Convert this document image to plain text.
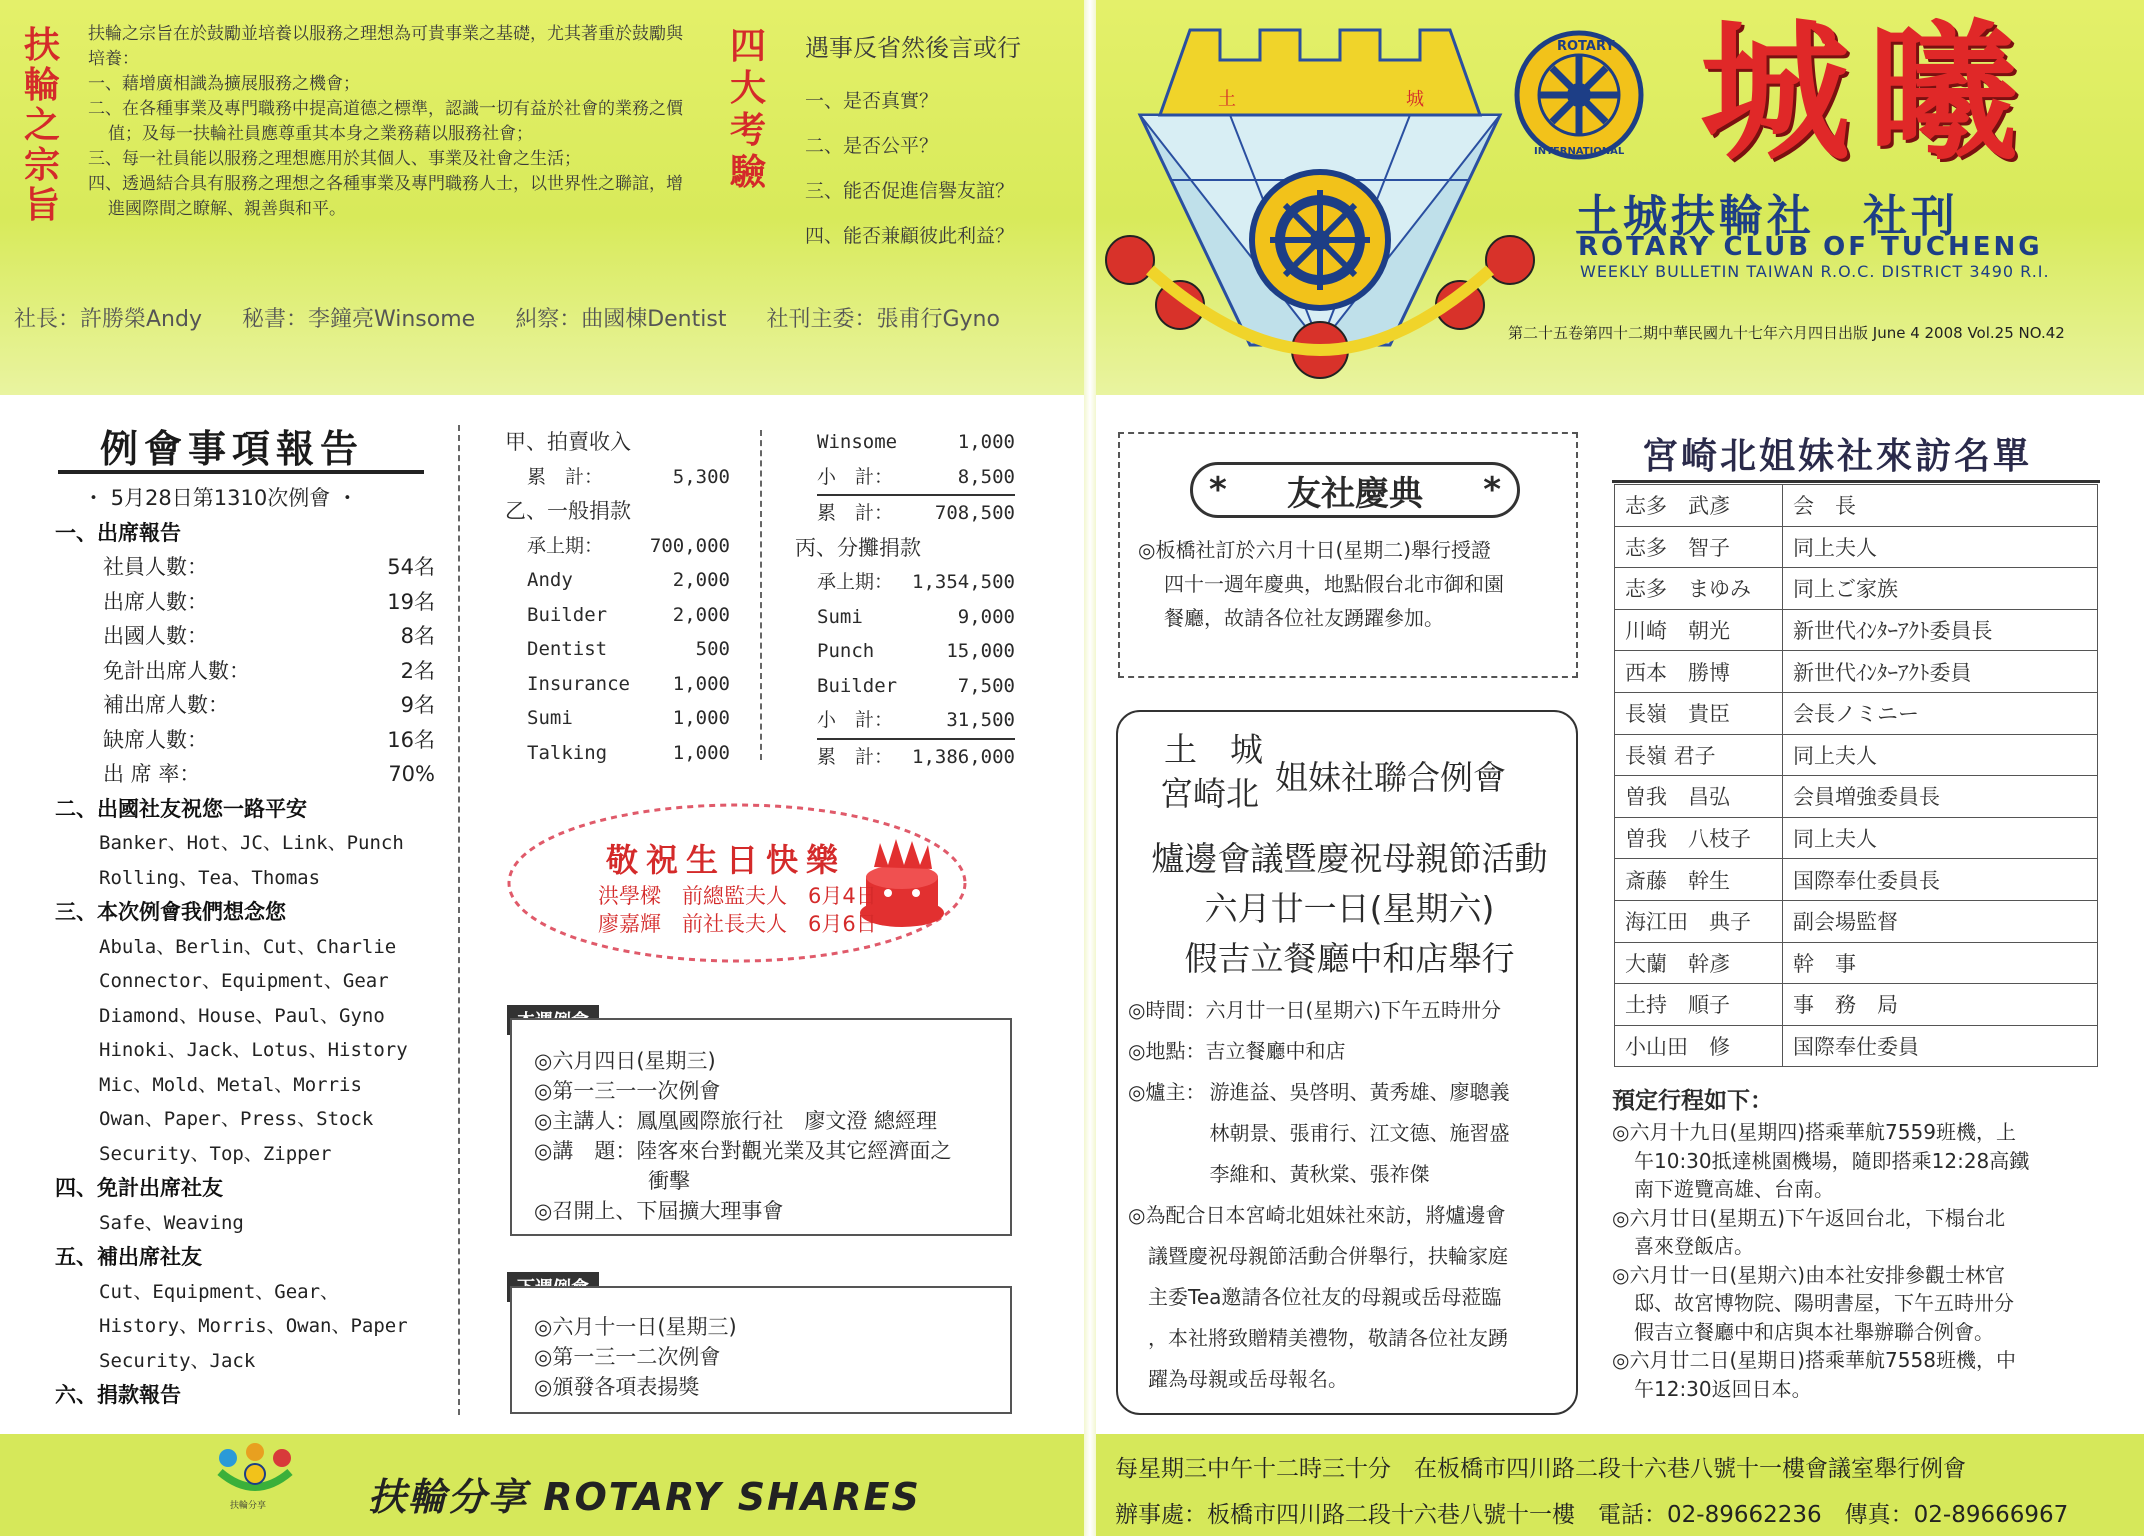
扶輪之宗旨
扶輪之宗旨在於鼓勵並培養以服務之理想為可貴事業之基礎，尤其著重於鼓勵與培養：
一、藉增廣相識為擴展服務之機會；
二、在各種事業及專門職務中提高道德之標準，認識一切有益於社會的業務之價值；及每一扶輪社員應尊重其本身之業務藉以服務社會；
三、每一社員能以服務之理想應用於其個人、事業及社會之生活；
四、透過結合具有服務之理想之各種事業及專門職務人士，以世界性之聯誼，增進國際間之瞭解、親善與和平。
四大考驗
遇事反省然後言或行
一、是否真實？
二、是否公平？
三、能否促進信譽友誼？
四、能否兼顧彼此利益？
社長：許勝榮Andy 秘書：李鐘亮Winsome 糾察：曲國棟Dentist 社刊主委：張甫行Gyno
土	城
ROTARY
INTERNATIONAL 城曦
土城扶輪社　社刊
ROTARY CLUB OF TUCHENG
WEEKLY BULLETIN TAIWAN R.O.C. DISTRICT 3490 R.I.
第二十五卷第四十二期中華民國九十七年六月四日出版 June 4 2008 Vol.25 NO.42
例會事項報告
・ 5月28日第1310次例會 ・
一、出席報告
社員人數：	54名
出席人數：	19名
出國人數：	8名
免計出席人數：	2名
補出席人數：	9名
缺席人數：	16名
出 席 率：	70%
二、出國社友祝您一路平安
Banker、Hot、JC、Link、Punch
Rolling、Tea、Thomas
三、本次例會我們想念您
Abula、Berlin、Cut、Charlie
Connector、Equipment、Gear
Diamond、House、Paul、Gyno
Hinoki、Jack、Lotus、History
Mic、Mold、Metal、Morris
Owan、Paper、Press、Stock
Security、Top、Zipper
四、免計出席社友
Safe、Weaving
五、補出席社友
Cut、Equipment、Gear、
History、Morris、Owan、Paper
Security、Jack
六、捐款報告
甲、拍賣收入
累　計：	5,300
乙、一般捐款
承上期： 700,000
Andy	2,000
Builder	2,000
Dentist	500
Insurance 1,000
Sumi	1,000
Talking	1,000
Winsome	1,000
小　計：	8,500
累　計： 708,500
丙、分攤捐款
承上期： 1,354,500
Sumi	9,000
Punch	15,000
Builder	7,500
小　計：	31,500
累　計： 1,386,000
敬祝生日快樂
洪學樑　 前總監夫人　 6月4日
廖嘉輝　 前社長夫人　 6月6日
◎六月四日(星期三)
◎第一三一一次例會
◎主講人：鳳凰國際旅行社　廖文澄 總經理
◎講　題：陸客來台對觀光業及其它經濟面之
衝擊
◎召開上、下屆擴大理事會
◎六月十一日(星期三)
◎第一三一二次例會
◎頒發各項表揚獎
* 友社慶典 *
◎板橋社訂於六月十日(星期二)舉行授證
四十一週年慶典，地點假台北市御和園
餐廳，故請各位社友踴躍參加。
土　城
宮崎北 姐妹社聯合例會
爐邊會議暨慶祝母親節活動
六月廿一日(星期六)
假吉立餐廳中和店舉行
◎時間：六月廿一日(星期六)下午五時卅分
◎地點：吉立餐廳中和店
◎爐主： 游進益、吳啓明、黃秀雄、廖聰義
林朝景、張甫行、江文德、施習盛
李維和、黃秋棠、張祚傑
◎為配合日本宮崎北姐妹社來訪，將爐邊會
議暨慶祝母親節活動合併舉行，扶輪家庭
主委Tea邀請各位社友的母親或岳母蒞臨
，本社將致贈精美禮物，敬請各位社友踴
躍為母親或岳母報名。
宮崎北姐妹社來訪名單
志多　武彥	会　長
志多　智子	同上夫人
志多　まゆみ	同上ご家族
川崎　朝光	新世代ｲﾝﾀｰｱｸﾄ委員長
西本　勝博	新世代ｲﾝﾀｰｱｸﾄ委員
長嶺　貴臣	会長ノミニー
長嶺 君子	同上夫人
曽我　昌弘	会員増強委員長
曽我　八枝子	同上夫人
斎藤　幹生	国際奉仕委員長
海江田　典子	副会場監督
大蘭　幹彥	幹　事
土持　順子	事　務　局
小山田　修	国際奉仕委員
預定行程如下：
◎六月十九日(星期四)搭乘華航7559班機，上
午10:30抵達桃園機場，隨即搭乘12:28高鐵
南下遊覽高雄、台南。
◎六月廿日(星期五)下午返回台北，下榻台北
喜來登飯店。
◎六月廿一日(星期六)由本社安排參觀士林官
邸、故宮博物院、陽明書屋，下午五時卅分
假吉立餐廳中和店與本社舉辦聯合例會。
◎六月廿二日(星期日)搭乘華航7558班機，中
午12:30返回日本。
扶輪分享	扶輪分享 ROTARY SHARES
每星期三中午十二時三十分　在板橋市四川路二段十六巷八號十一樓會議室舉行例會
辦事處：板橋市四川路二段十六巷八號十一樓　電話：02-89662236　傳真：02-89666967
